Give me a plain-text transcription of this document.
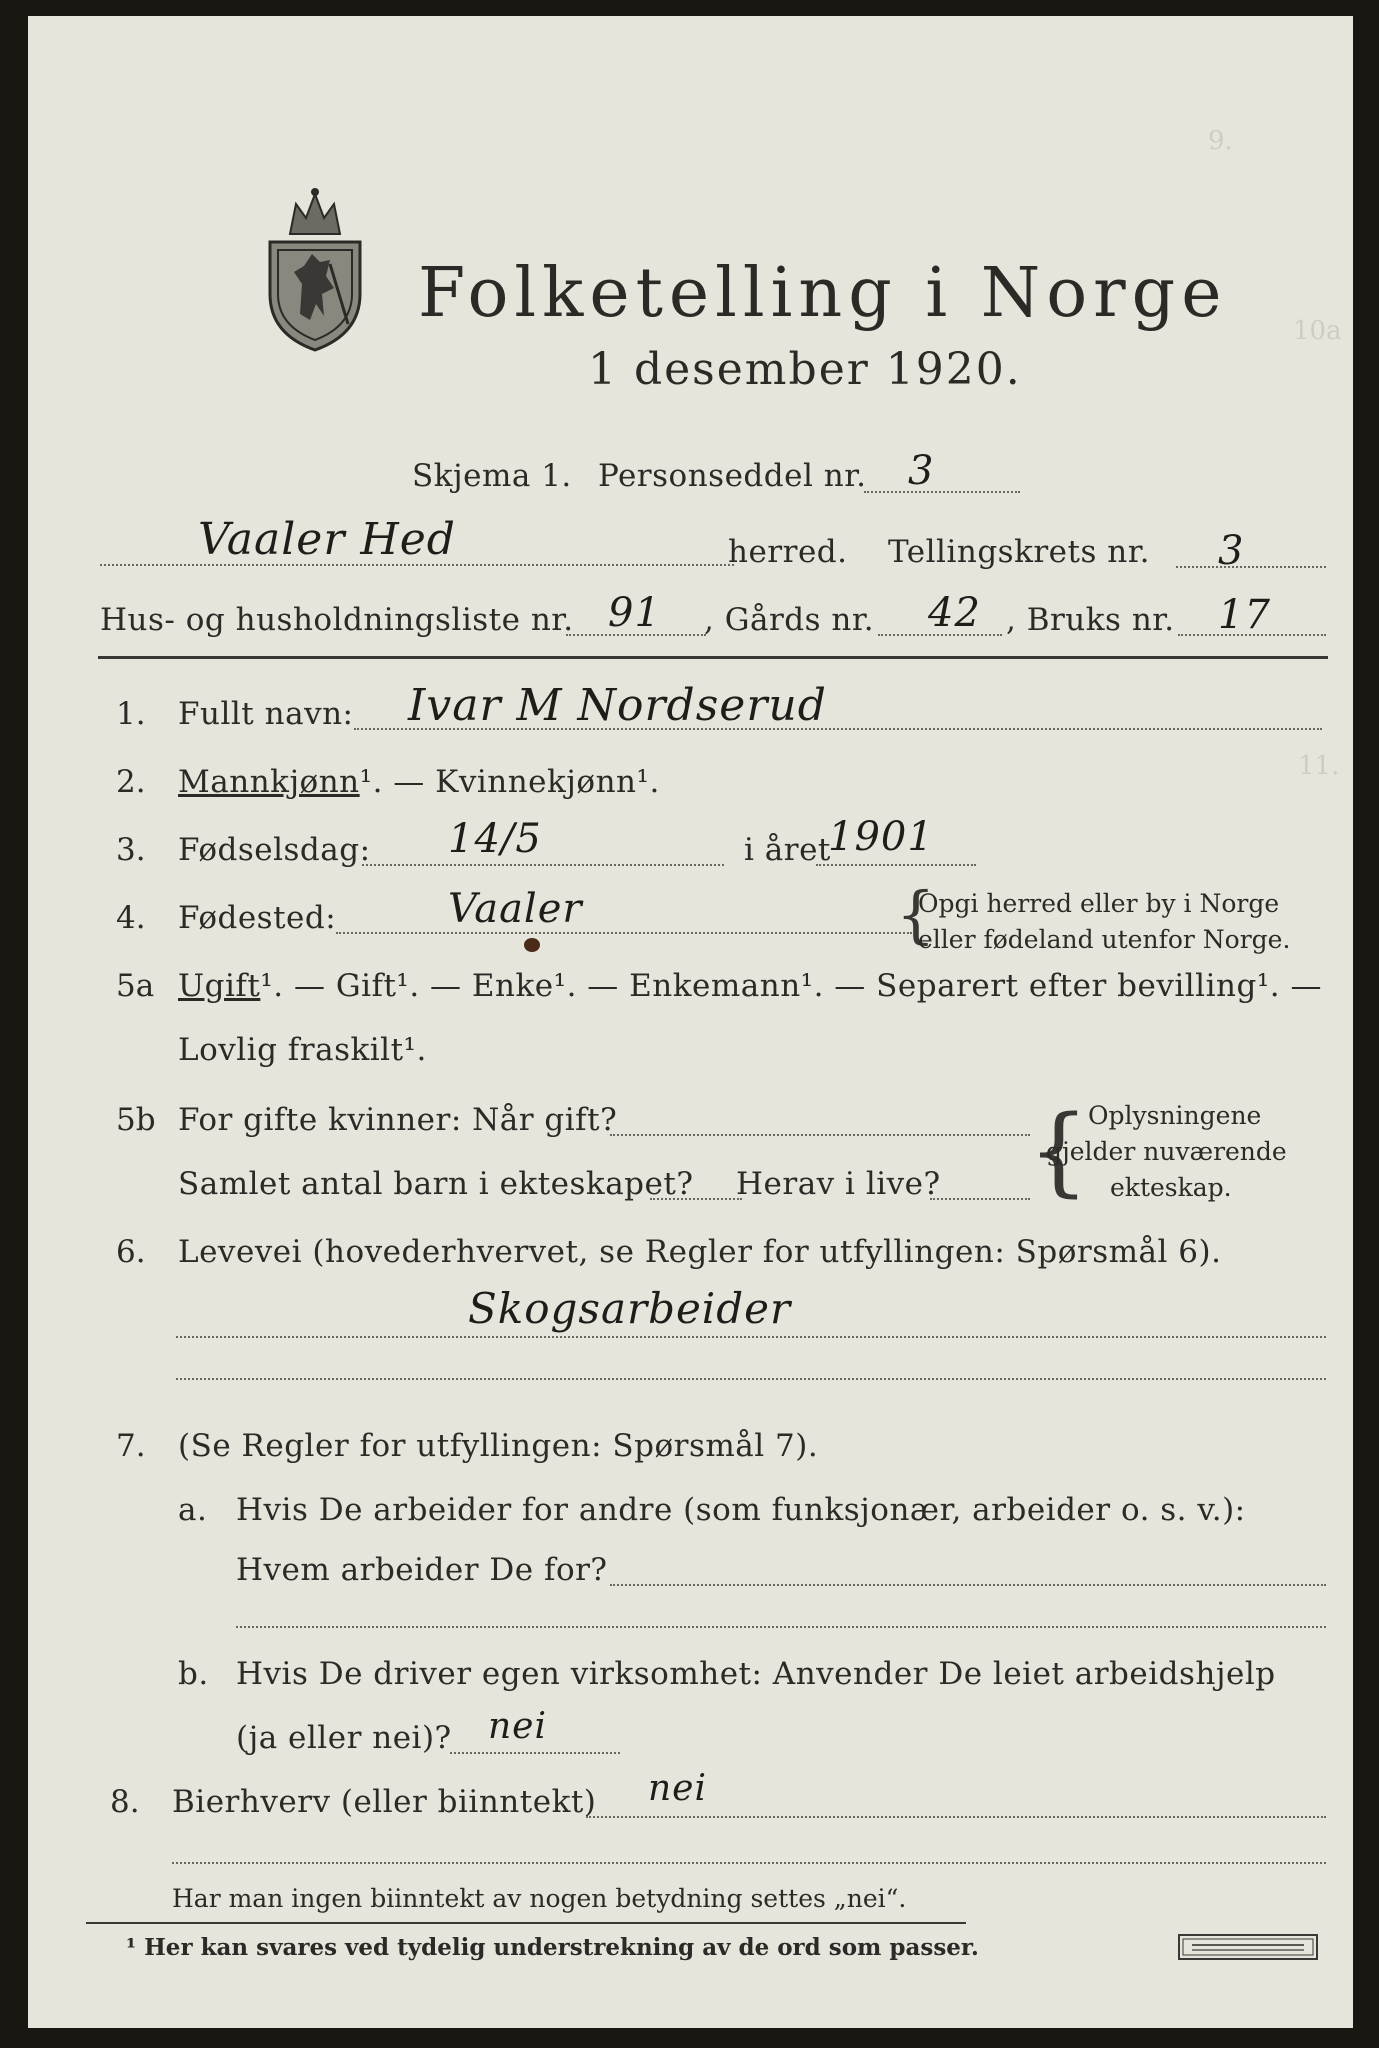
9.
10a
11.
Folketelling i Norge
1 desember 1920.
Skjema 1. Personseddel nr. 3
Vaaler Hed	herred. Tellingskrets nr. 3
Hus- og husholdningsliste nr. 91 , Gårds nr. 42 , Bruks nr. 17
1. Fullt navn: Ivar M Nordserud
2. Mannkjønn¹. — Kvinnekjønn¹.
3. Fødselsdag: 14/5	i året
1901
4. Fødested:	Vaaler	{
Opgi herred eller by i Norge
eller fødeland utenfor Norge.
5a Ugift¹. — Gift¹. — Enke¹. — Enkemann¹. — Separert efter bevilling¹. —
Lovlig fraskilt¹.
5b For gifte kvinner: Når gift?
Samlet antal barn i ekteskapet? Herav i live? {
Oplysningene
gjelder nuværende
ekteskap.
6. Levevei (hovederhvervet, se Regler for utfyllingen: Spørsmål 6).
Skogsarbeider
7. (Se Regler for utfyllingen: Spørsmål 7).
a. Hvis De arbeider for andre (som funksjonær, arbeider o. s. v.):
Hvem arbeider De for?
b. Hvis De driver egen virksomhet: Anvender De leiet arbeidshjelp
(ja eller nei)? nei
8. Bierhverv (eller biinntekt) nei
Har man ingen biinntekt av nogen betydning settes „nei“.
¹ Her kan svares ved tydelig understrekning av de ord som passer.
